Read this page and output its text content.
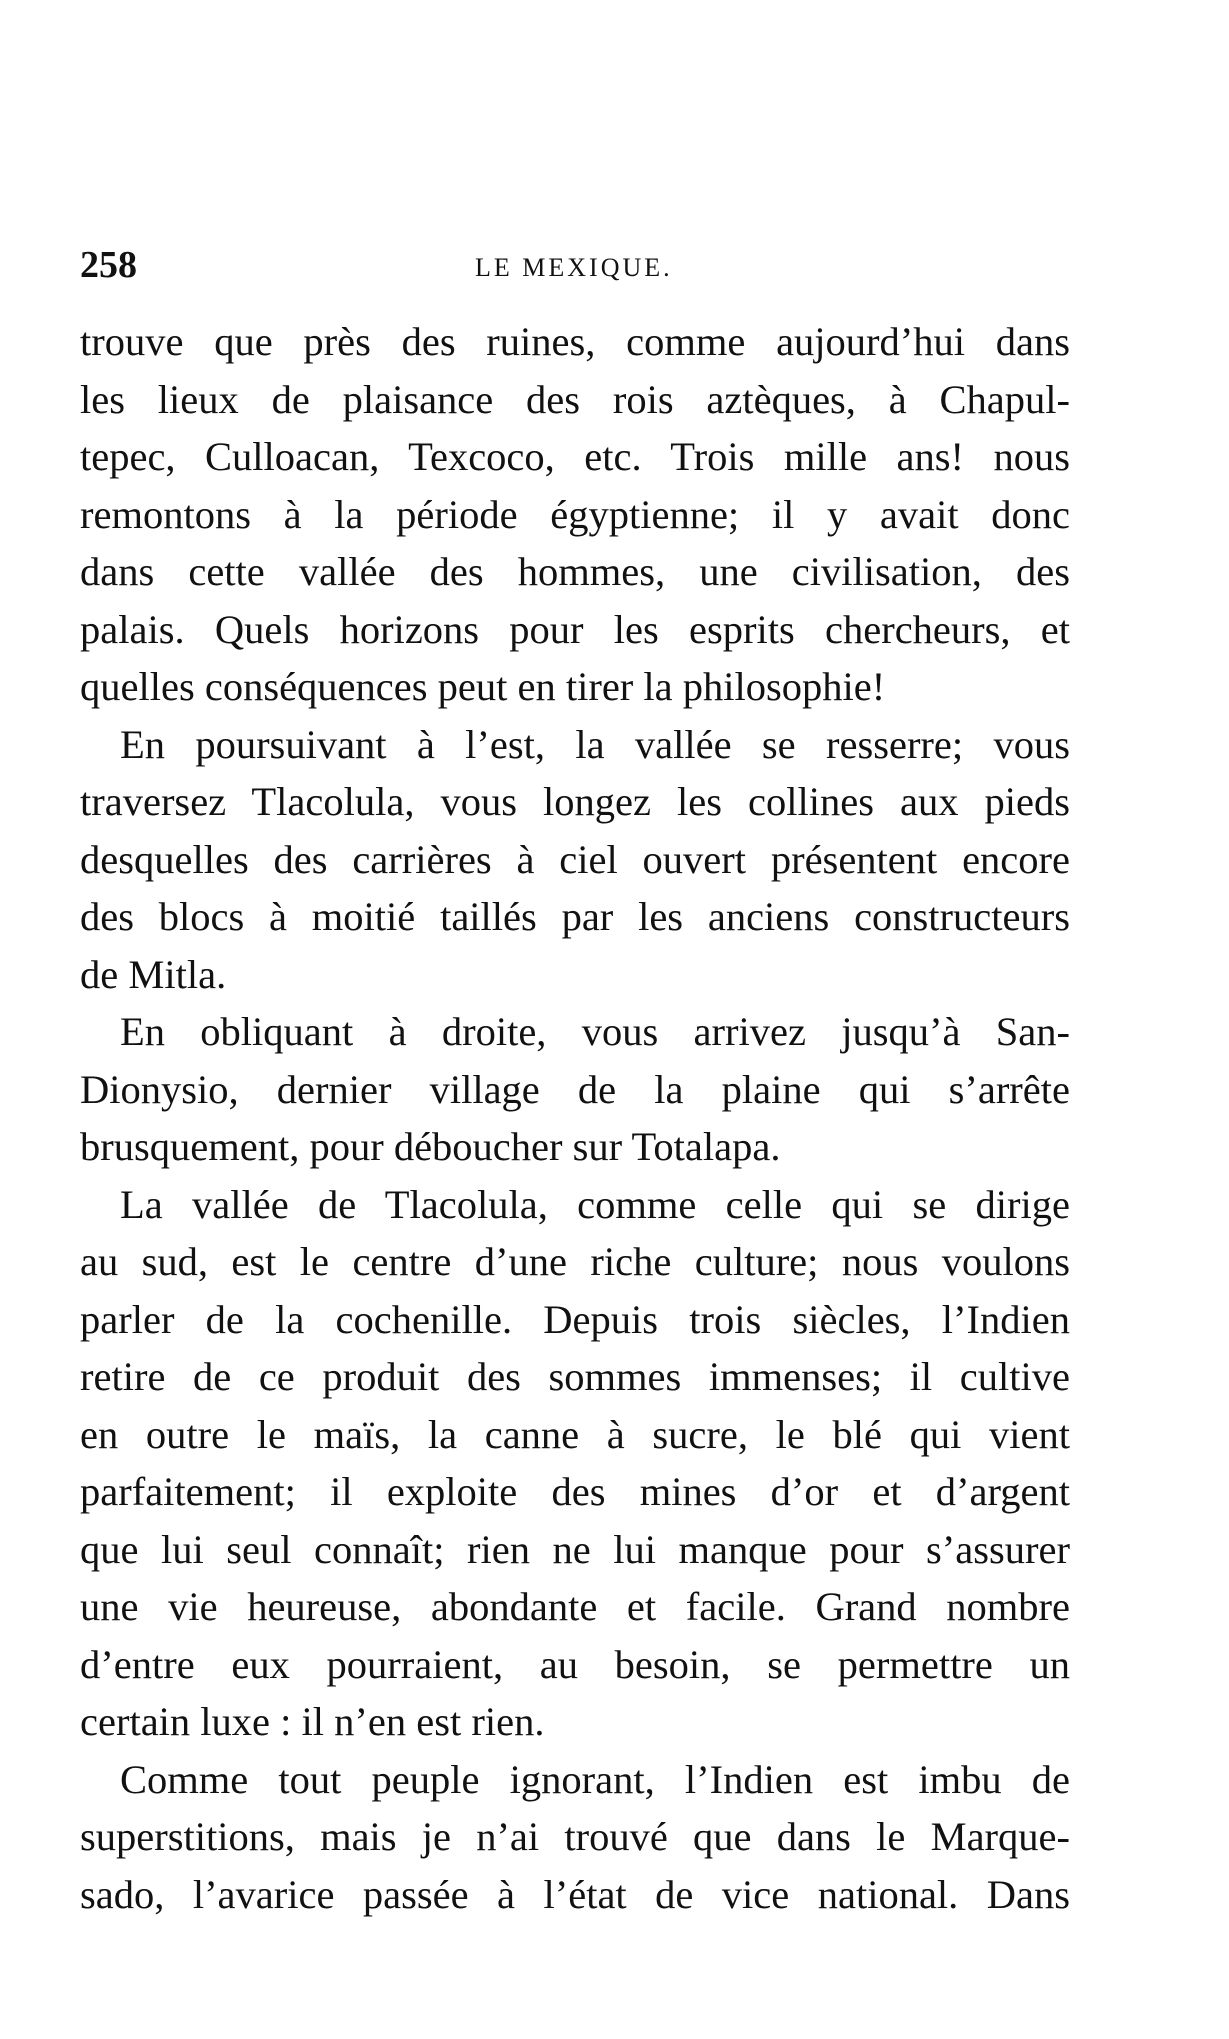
258	LE MEXIQUE.
trouve que près des ruines, comme aujourd’hui dans
les lieux de plaisance des rois aztèques, à Chapul-
tepec, Culloacan, Texcoco, etc. Trois mille ans! nous
remontons à la période égyptienne; il y avait donc
dans cette vallée des hommes, une civilisation, des
palais. Quels horizons pour les esprits chercheurs, et
quelles conséquences peut en tirer la philosophie!
En poursuivant à l’est, la vallée se resserre; vous
traversez Tlacolula, vous longez les collines aux pieds
desquelles des carrières à ciel ouvert présentent encore
des blocs à moitié taillés par les anciens constructeurs
de Mitla.
En obliquant à droite, vous arrivez jusqu’à San-
Dionysio, dernier village de la plaine qui s’arrête
brusquement, pour déboucher sur Totalapa.
La vallée de Tlacolula, comme celle qui se dirige
au sud, est le centre d’une riche culture; nous voulons
parler de la cochenille. Depuis trois siècles, l’Indien
retire de ce produit des sommes immenses; il cultive
en outre le maïs, la canne à sucre, le blé qui vient
parfaitement; il exploite des mines d’or et d’argent
que lui seul connaît; rien ne lui manque pour s’assurer
une vie heureuse, abondante et facile. Grand nombre
d’entre eux pourraient, au besoin, se permettre un
certain luxe : il n’en est rien.
Comme tout peuple ignorant, l’Indien est imbu de
superstitions, mais je n’ai trouvé que dans le Marque-
sado, l’avarice passée à l’état de vice national. Dans
